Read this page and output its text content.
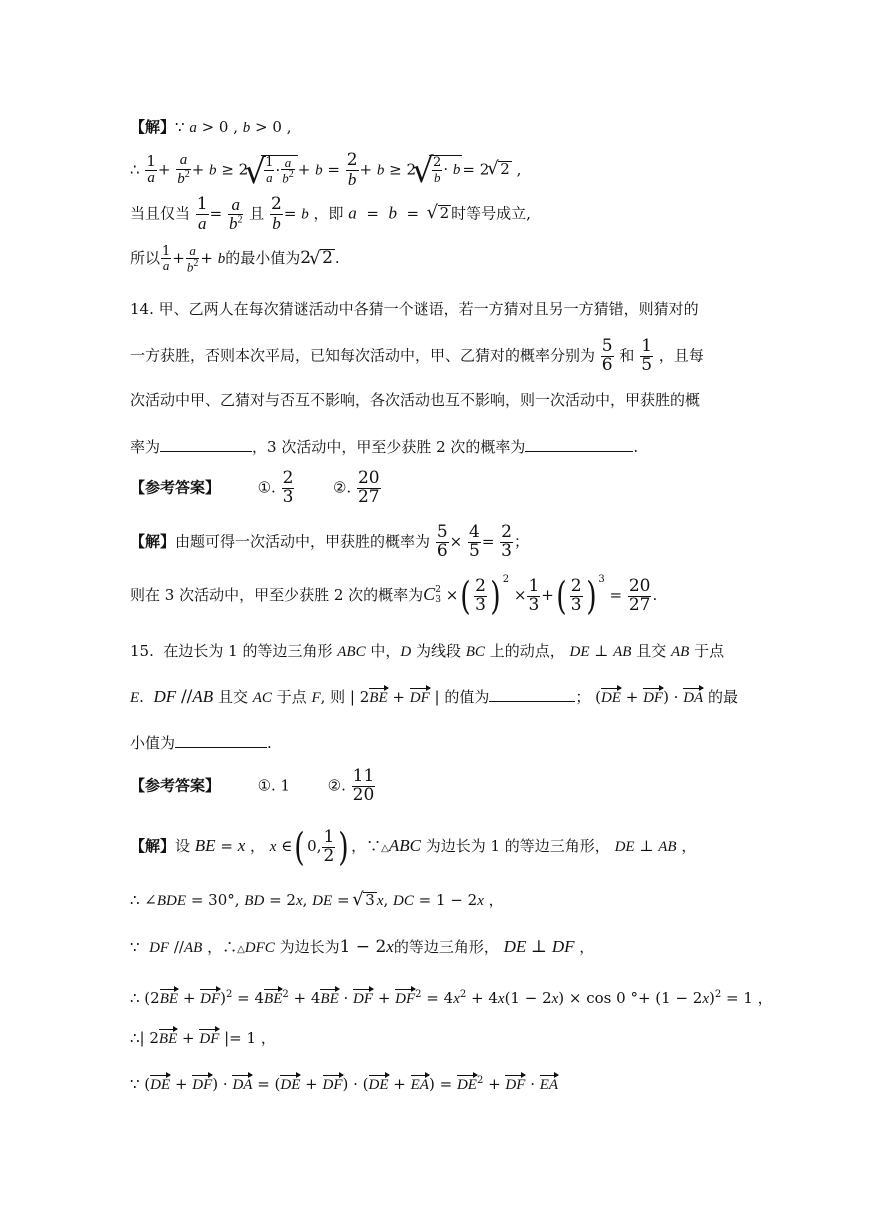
【解】∵ a > 0 , b > 0 ,
∴ $\frac{1}{a} + \frac{a}{b^2} + b \ge 2$
√ $\frac{1}{a} \cdot \frac{a}{b^2} + b = \frac{2}{b} + b \ge 2$
√ $\frac{2}{b} \cdot b = 2√$ 2 ,
当且仅当 $\frac{1}{a} = \frac{a}{b^2}$ 且 $\frac{2}{b} = b$ ，即 a  =  b  =  √ 2 时等号成立,
所以 $\frac{1}{a} + \frac{a}{b^2} + b$的最小值为2√ 2 .
14. 甲、乙两人在每次猜谜活动中各猜一个谜语，若一方猜对且另一方猜错，则猜对的
一方获胜，否则本次平局，已知每次活动中，甲、乙猜对的概率分别为 $\frac{5}{6}$ 和 $\frac{1}{5}$ ，且每
次活动中甲、乙猜对与否互不影响，各次活动也互不影响，则一次活动中，甲获胜的概
率为	，3 次活动中，甲至少获胜 2 次的概率为	.
【参考答案】	①. $\frac{2}{3}$	②. $\frac{20}{27}$
【解】由题可得一次活动中，甲获胜的概率为 $\frac{5}{6} \times \frac{4}{5} = \frac{2}{3}$ ；
则在 3 次活动中，甲至少获胜 2 次的概率为C 2
3 ×( $\frac{2}{3}$ ) $^2 \times \frac{1}{3}$ +( $\frac{2}{3}$ ) $^3 = \frac{20}{27}$ .
15.  在边长为 1 的等边三角形 ABC 中，D 为线段 BC 上的动点， DE ⊥ AB 且交 AB 于点
E.  DF //AB 且交 AC 于点 F, 则 | 2BE + DF | 的值为	； (DE + DF) · DA 的最
小值为	.
【参考答案】	①. 1	②. $\frac{11}{20}$
【解】设 BE = x ， x ∈( 0, $\frac{1}{2}$ ) ，∵△ABC 为边长为 1 的等边三角形， DE ⊥ AB ，
∴ ∠BDE = 30°, BD = 2x, DE = √ 3 x, DC = 1 − 2x ，
∵  DF //AB ，∴△DFC 为边长为1 − 2x的等边三角形， DE ⊥ DF ，
∴ $(2BE + DF)^2 = 4BE^2 + 4BE$ · DF + $DF^2 = 4x^2 + 4x(1 - 2x) \times \cos 0$ °+ $(1 - 2x)^2 = 1$ ，
∴| 2BE + DF |= 1 ，
∵ (DE + DF) · DA = $(DE + DF) \cdot (DE + EA) = DE^2$ + DF · EA
